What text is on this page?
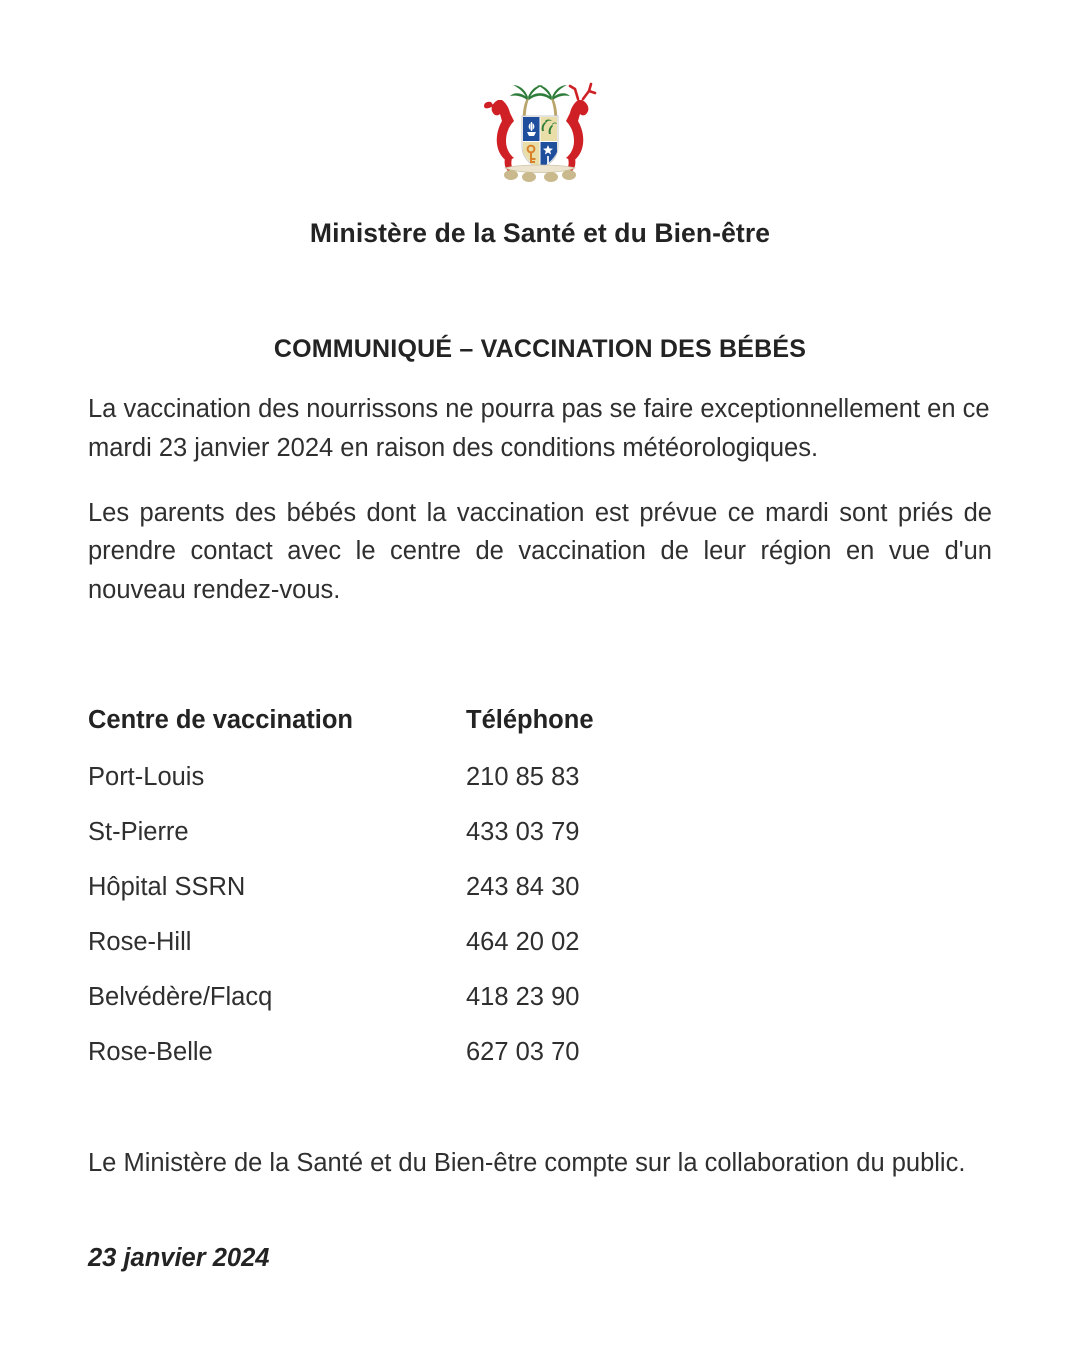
Ministère de la Santé et du Bien-être
COMMUNIQUÉ – VACCINATION DES BÉBÉS

La vaccination des nourrissons ne pourra pas se faire exceptionnellement en ce mardi 23 janvier 2024 en raison des conditions météorologiques.

Les parents des bébés dont la vaccination est prévue ce mardi sont priés de prendre contact avec le centre de vaccination de leur région en vue d'un nouveau rendez-vous.

Centre de vaccination	Téléphone
Port-Louis	210 85 83
St-Pierre	433 03 79
Hôpital SSRN	243 84 30
Rose-Hill	464 20 02
Belvédère/Flacq	418 23 90
Rose-Belle	627 03 70

Le Ministère de la Santé et du Bien-être compte sur la collaboration du public.

23 janvier 2024
